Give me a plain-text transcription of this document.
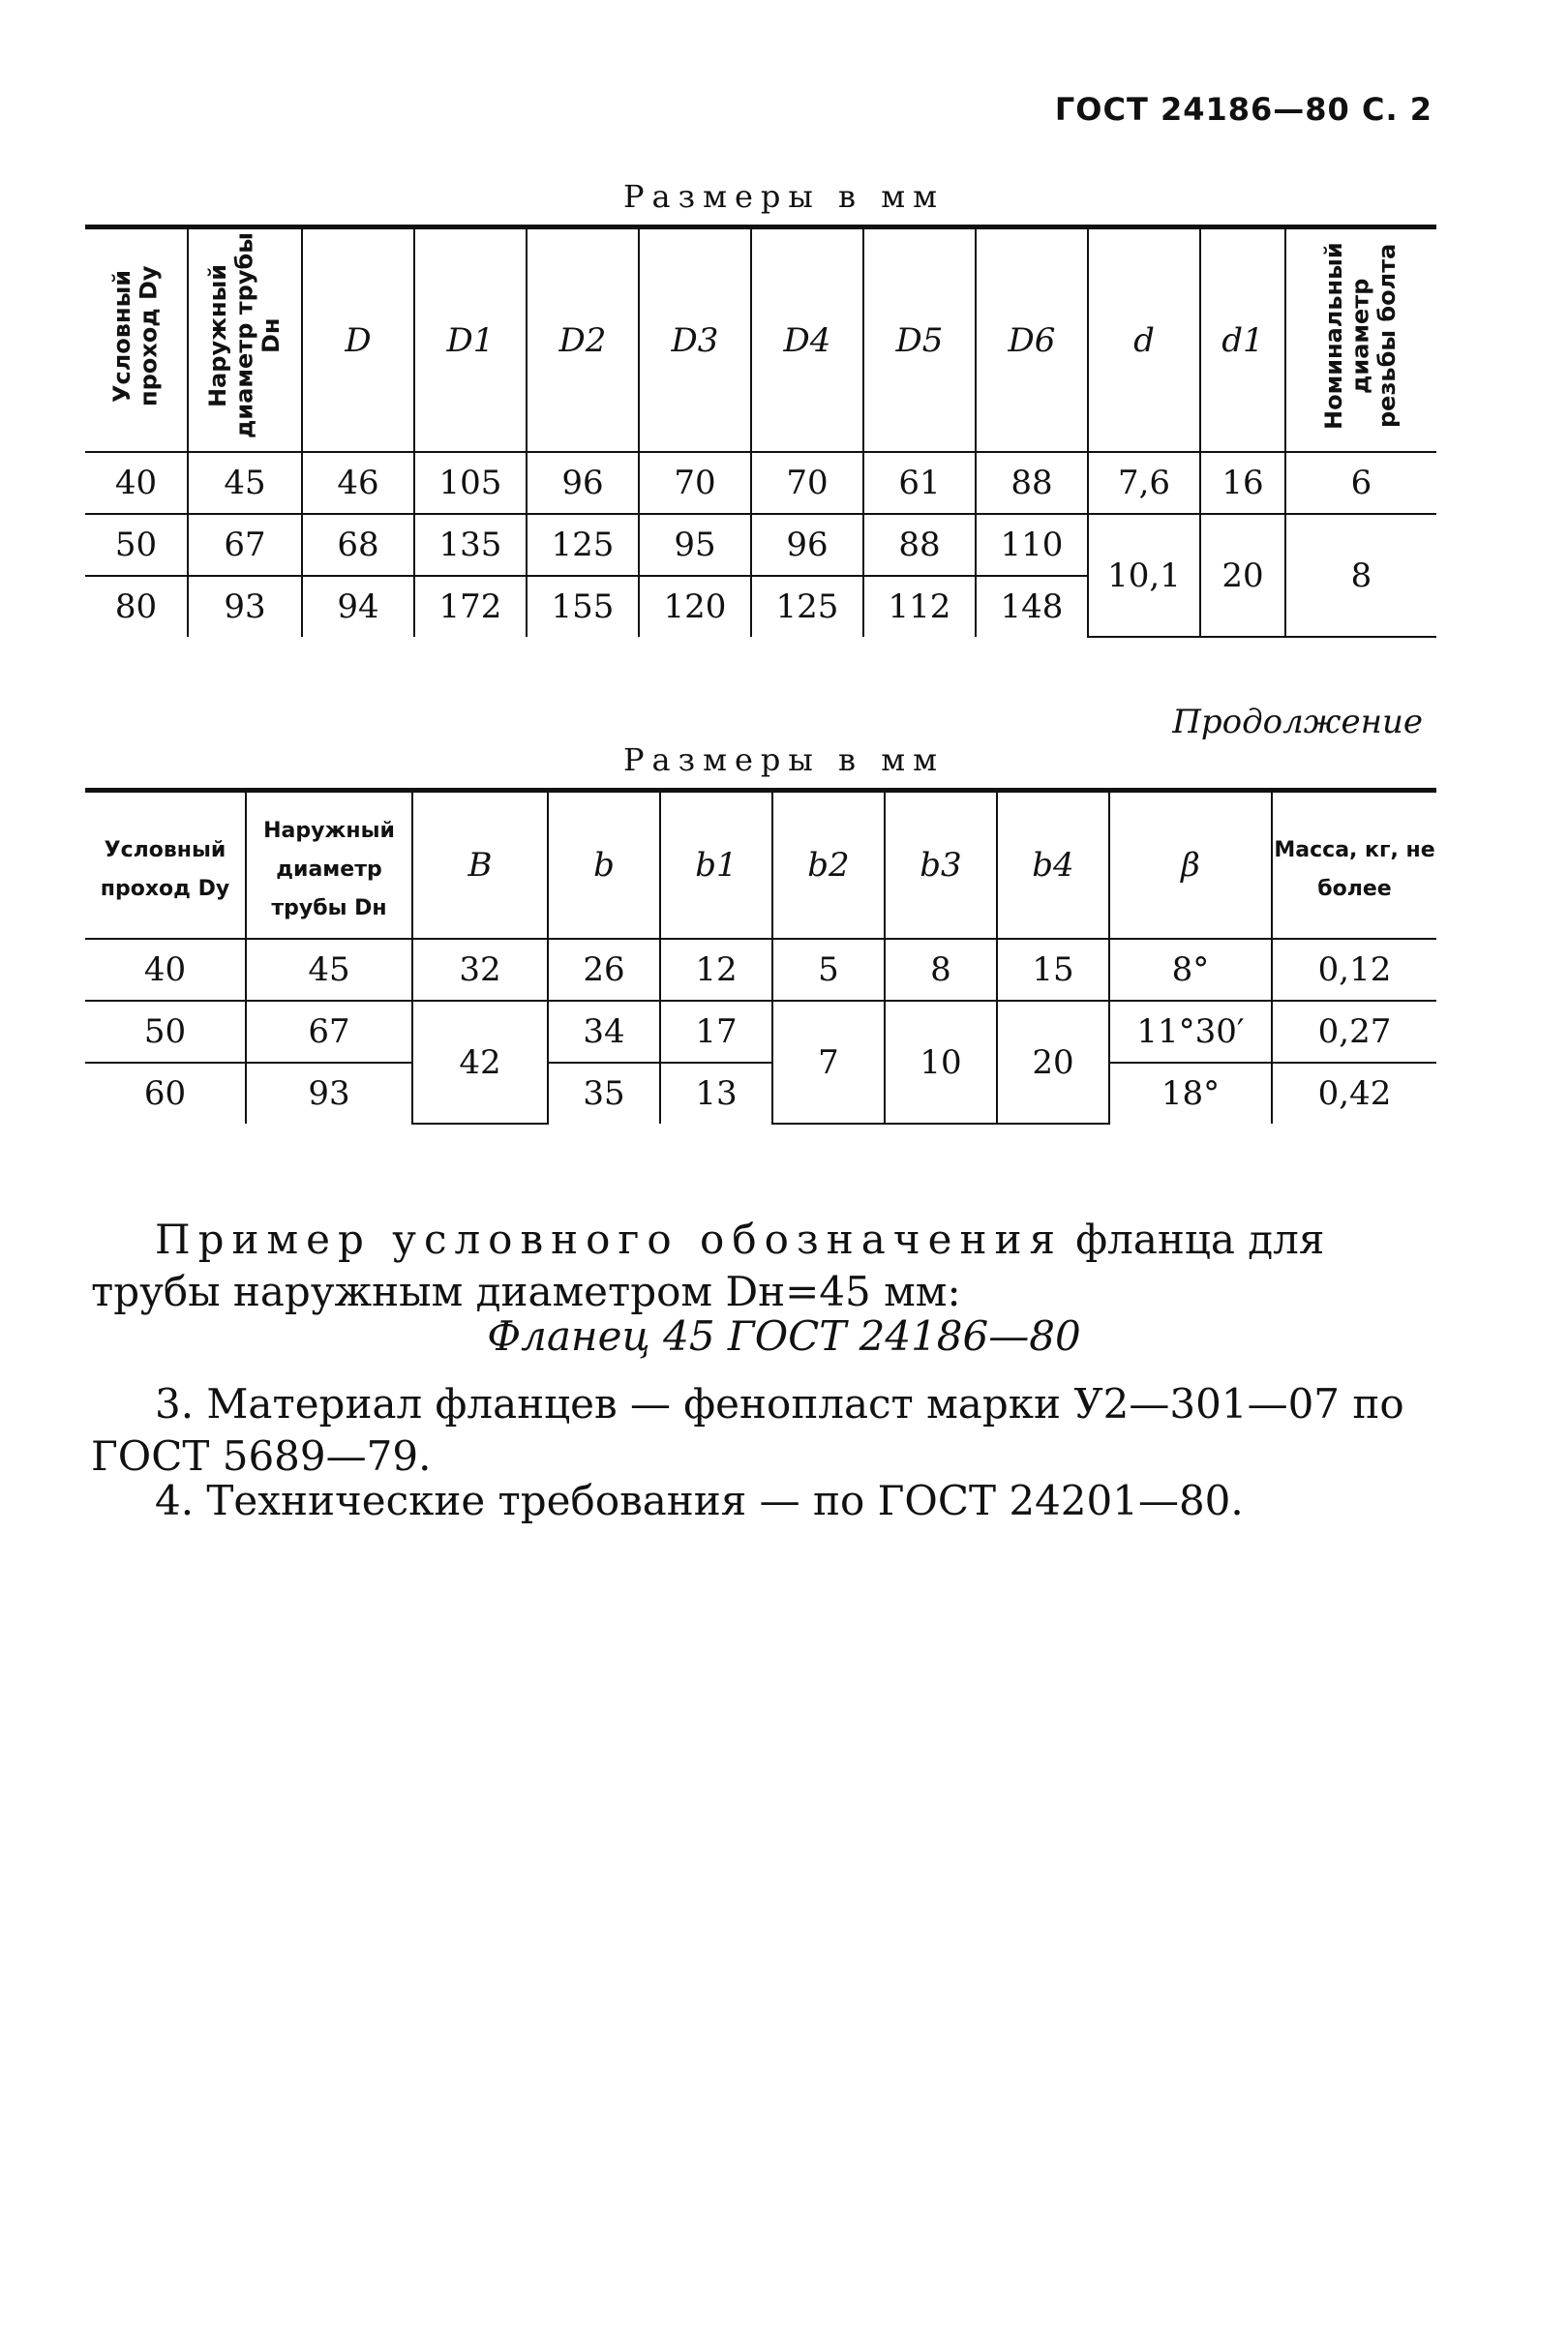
ГОСТ 24186—80 С. 2
Размеры в мм
Условный проход Dу	Наружный диаметр трубы Dн	D	D1	D2	D3	D4	D5	D6	d	d1	Номинальный диаметр резьбы болта
40	45	46	105	96	70	70	61	88	7,6	16	6
50	67	68	135	125	95	96	88	110	10,1	20	8
80	93	94	172	155	120	125	112	148			
Продолжение
Размеры в мм
Условный проход Dу	Наружный диаметр трубы Dн	B	b	b1	b2	b3	b4	β	Масса, кг, не более
40	45	32	26	12	5	8	15	8°	0,12
50	67	42	34	17	7	10	20	11°30′	0,27
60	93		35	13				18°	0,42
Пример условного обозначения фланца для трубы наружным диаметром Dн=45 мм:
Фланец 45 ГОСТ 24186—80
3. Материал фланцев — фенопласт марки У2—301—07 по ГОСТ 5689—79.
4. Технические требования — по ГОСТ 24201—80.
